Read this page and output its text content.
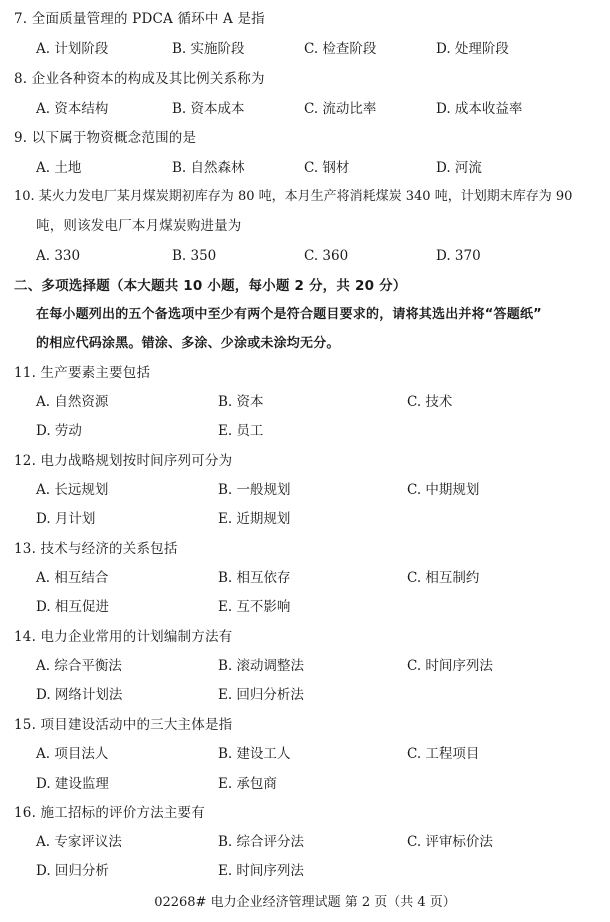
7. 全面质量管理的 PDCA 循环中 A 是指
A. 计划阶段	B. 实施阶段	C. 检查阶段	D. 处理阶段
8. 企业各种资本的构成及其比例关系称为
A. 资本结构	B. 资本成本	C. 流动比率	D. 成本收益率
9. 以下属于物资概念范围的是
A. 土地	B. 自然森林	C. 钢材	D. 河流
10. 某火力发电厂某月煤炭期初库存为 80 吨，本月生产将消耗煤炭 340 吨，计划期末库存为 90
吨，则该发电厂本月煤炭购进量为
A. 330	B. 350	C. 360	D. 370
二、多项选择题（本大题共 10 小题，每小题 2 分，共 20 分）
在每小题列出的五个备选项中至少有两个是符合题目要求的，请将其选出并将“答题纸”
的相应代码涂黑。错涂、多涂、少涂或未涂均无分。
11. 生产要素主要包括
A. 自然资源	B. 资本	C. 技术
D. 劳动	E. 员工
12. 电力战略规划按时间序列可分为
A. 长远规划	B. 一般规划	C. 中期规划
D. 月计划	E. 近期规划
13. 技术与经济的关系包括
A. 相互结合	B. 相互依存	C. 相互制约
D. 相互促进	E. 互不影响
14. 电力企业常用的计划编制方法有
A. 综合平衡法	B. 滚动调整法	C. 时间序列法
D. 网络计划法	E. 回归分析法
15. 项目建设活动中的三大主体是指
A. 项目法人	B. 建设工人	C. 工程项目
D. 建设监理	E. 承包商
16. 施工招标的评价方法主要有
A. 专家评议法	B. 综合评分法	C. 评审标价法
D. 回归分析	E. 时间序列法
02268# 电力企业经济管理试题 第 2 页（共 4 页）
